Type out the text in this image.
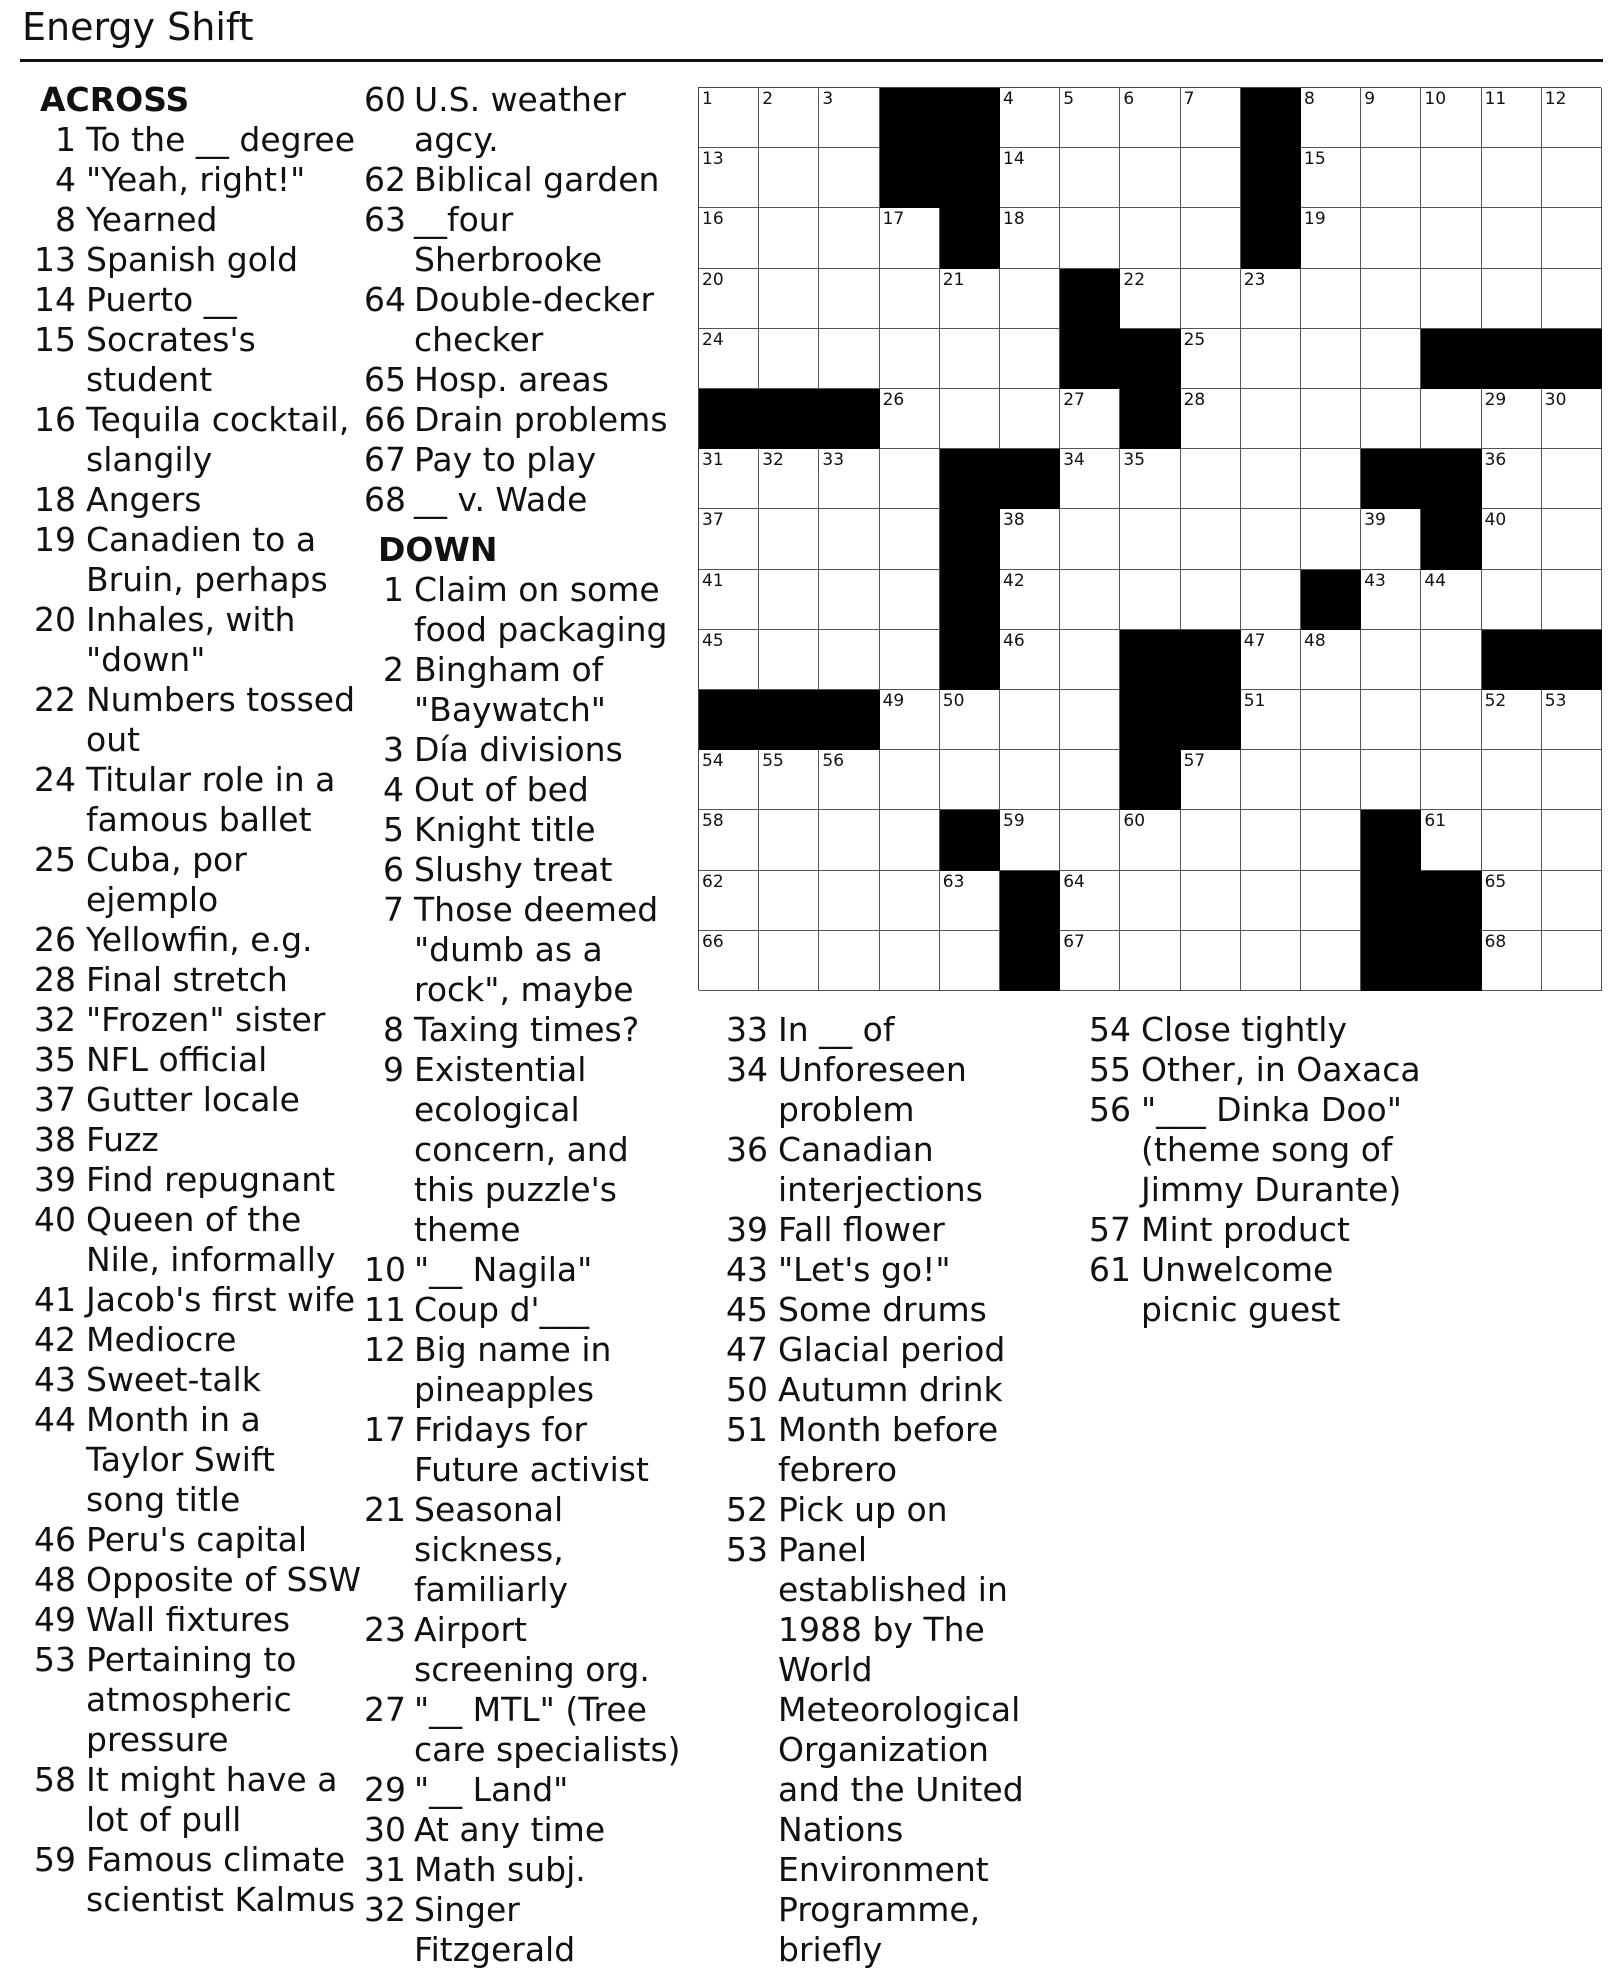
Energy Shift
ACROSS
1 To the __ degree
4 "Yeah, right!"
8 Yearned
13 Spanish gold
14 Puerto __
15 Socrates's student
16 Tequila cocktail, slangily
18 Angers
19 Canadien to a Bruin, perhaps
20 Inhales, with "down"
22 Numbers tossed out
24 Titular role in a famous ballet
25 Cuba, por ejemplo
26 Yellowfin, e.g.
28 Final stretch
32 "Frozen" sister
35 NFL official
37 Gutter locale
38 Fuzz
39 Find repugnant
40 Queen of the Nile, informally
41 Jacob's first wife
42 Mediocre
43 Sweet-talk
44 Month in a Taylor Swift song title
46 Peru's capital
48 Opposite of SSW
49 Wall fixtures
53 Pertaining to atmospheric pressure
58 It might have a lot of pull
59 Famous climate scientist Kalmus
60 U.S. weather agcy.
62 Biblical garden
63 __four Sherbrooke
64 Double-decker checker
65 Hosp. areas
66 Drain problems
67 Pay to play
68 __ v. Wade
DOWN
1 Claim on some food packaging
2 Bingham of "Baywatch"
3 Día divisions
4 Out of bed
5 Knight title
6 Slushy treat
7 Those deemed "dumb as a rock", maybe
8 Taxing times?
9 Existential ecological concern, and this puzzle's theme
10 "__ Nagila"
11 Coup d'___
12 Big name in pineapples
17 Fridays for Future activist
21 Seasonal sickness, familiarly
23 Airport screening org.
27 "__ MTL" (Tree care specialists)
29 "__ Land"
30 At any time
31 Math subj.
32 Singer Fitzgerald
33 In __ of
34 Unforeseen problem
36 Canadian interjections
39 Fall flower
43 "Let's go!"
45 Some drums
47 Glacial period
50 Autumn drink
51 Month before febrero
52 Pick up on
53 Panel established in 1988 by The World Meteorological Organization and the United Nations Environment Programme, briefly
54 Close tightly
55 Other, in Oaxaca
56 "___ Dinka Doo" (theme song of Jimmy Durante)
57 Mint product
61 Unwelcome picnic guest
1	2	3	4	5	6	7	8	9	10 11 12
13	14	15
16	17	18	19
20	21	22	23
24	25
26	27	28	29 30
31 32 33	34 35	36
37	38	39	40
41	42	43 44
45	46	47 48
49 50	51	52 53
54 55 56	57
58	59	60	61
62	63	64	65
66	67	68
